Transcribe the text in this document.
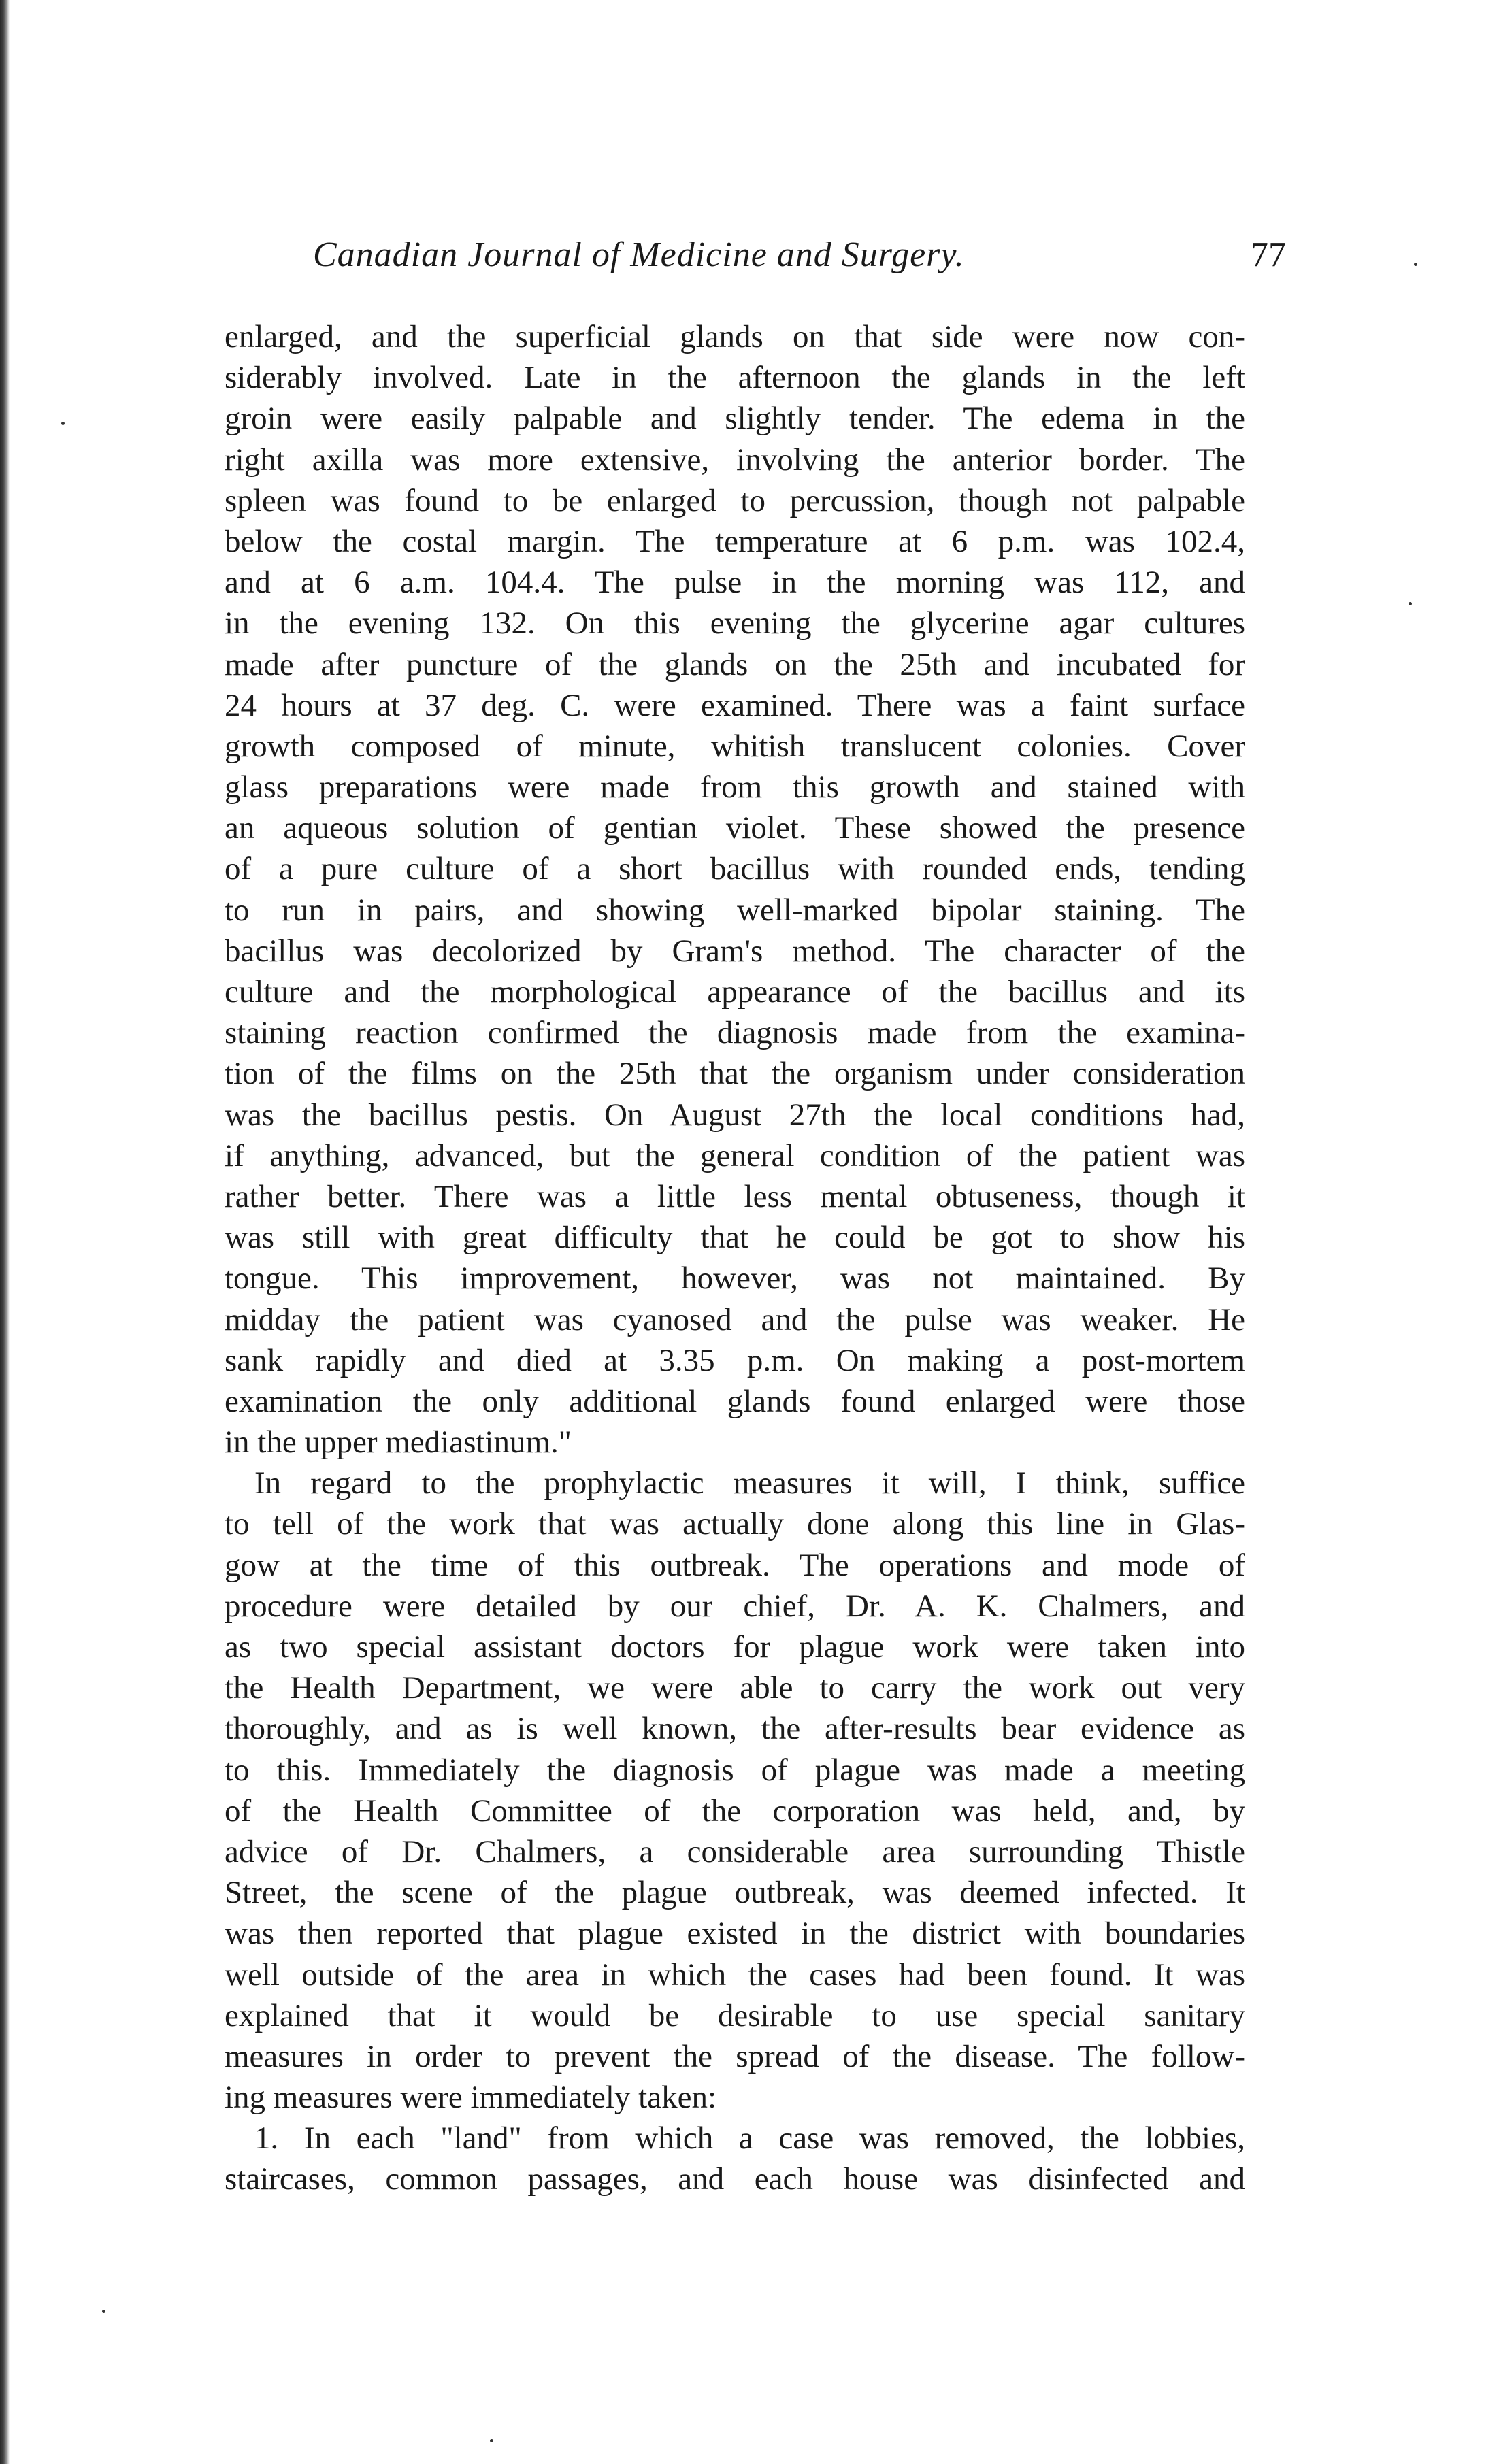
Canadian Journal of Medicine and Surgery.	77
enlarged, and the superficial glands on that side were now con-
siderably involved. Late in the afternoon the glands in the left
groin were easily palpable and slightly tender. The edema in the
right axilla was more extensive, involving the anterior border. The
spleen was found to be enlarged to percussion, though not palpable
below the costal margin. The temperature at 6 p.m. was 102.4,
and at 6 a.m. 104.4. The pulse in the morning was 112, and
in the evening 132. On this evening the glycerine agar cultures
made after puncture of the glands on the 25th and incubated for
24 hours at 37 deg. C. were examined. There was a faint surface
growth composed of minute, whitish translucent colonies. Cover
glass preparations were made from this growth and stained with
an aqueous solution of gentian violet. These showed the presence
of a pure culture of a short bacillus with rounded ends, tending
to run in pairs, and showing well-marked bipolar staining. The
bacillus was decolorized by Gram's method. The character of the
culture and the morphological appearance of the bacillus and its
staining reaction confirmed the diagnosis made from the examina-
tion of the films on the 25th that the organism under consideration
was the bacillus pestis. On August 27th the local conditions had,
if anything, advanced, but the general condition of the patient was
rather better. There was a little less mental obtuseness, though it
was still with great difficulty that he could be got to show his
tongue. This improvement, however, was not maintained. By
midday the patient was cyanosed and the pulse was weaker. He
sank rapidly and died at 3.35 p.m. On making a post-mortem
examination the only additional glands found enlarged were those
in the upper mediastinum."
In regard to the prophylactic measures it will, I think, suffice
to tell of the work that was actually done along this line in Glas-
gow at the time of this outbreak. The operations and mode of
procedure were detailed by our chief, Dr. A. K. Chalmers, and
as two special assistant doctors for plague work were taken into
the Health Department, we were able to carry the work out very
thoroughly, and as is well known, the after-results bear evidence as
to this. Immediately the diagnosis of plague was made a meeting
of the Health Committee of the corporation was held, and, by
advice of Dr. Chalmers, a considerable area surrounding Thistle
Street, the scene of the plague outbreak, was deemed infected. It
was then reported that plague existed in the district with boundaries
well outside of the area in which the cases had been found. It was
explained that it would be desirable to use special sanitary
measures in order to prevent the spread of the disease. The follow-
ing measures were immediately taken:
1. In each "land" from which a case was removed, the lobbies,
staircases, common passages, and each house was disinfected and
